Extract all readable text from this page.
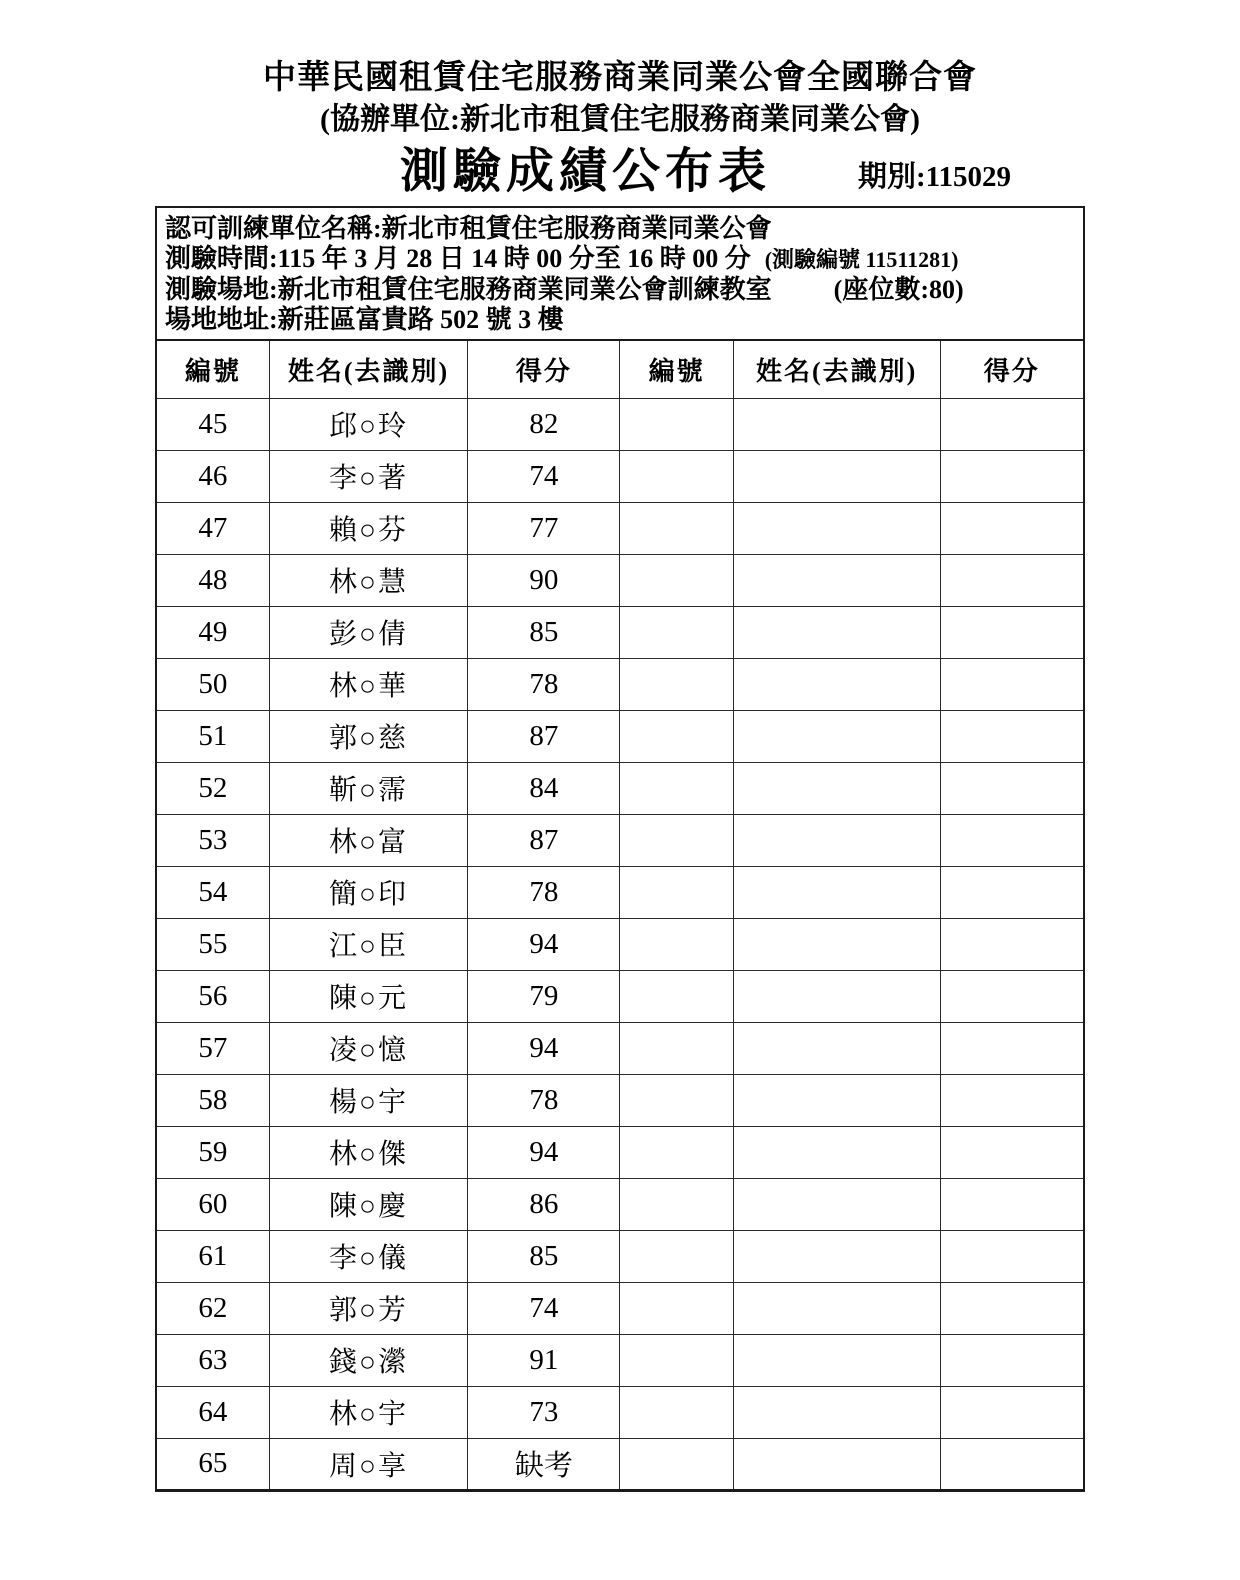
中華民國租賃住宅服務商業同業公會全國聯合會
(協辦單位:新北市租賃住宅服務商業同業公會)
測驗成績公布表	期別:115029
認可訓練單位名稱:新北市租賃住宅服務商業同業公會
測驗時間:115 年 3 月 28 日 14 時 00 分至 16 時 00 分 (測驗編號 11511281)
測驗場地:新北市租賃住宅服務商業同業公會訓練教室 (座位數:80)
場地地址:新莊區富貴路 502 號 3 樓
編號	姓名(去識別)	得分	編號	姓名(去識別)	得分
45	邱○玲	82			
46	李○著	74			
47	賴○芬	77			
48	林○慧	90			
49	彭○倩	85			
50	林○華	78			
51	郭○慈	87			
52	靳○霈	84			
53	林○富	87			
54	簡○印	78			
55	江○臣	94			
56	陳○元	79			
57	凌○憶	94			
58	楊○宇	78			
59	林○傑	94			
60	陳○慶	86			
61	李○儀	85			
62	郭○芳	74			
63	錢○瀠	91			
64	林○宇	73			
65	周○享	缺考			
